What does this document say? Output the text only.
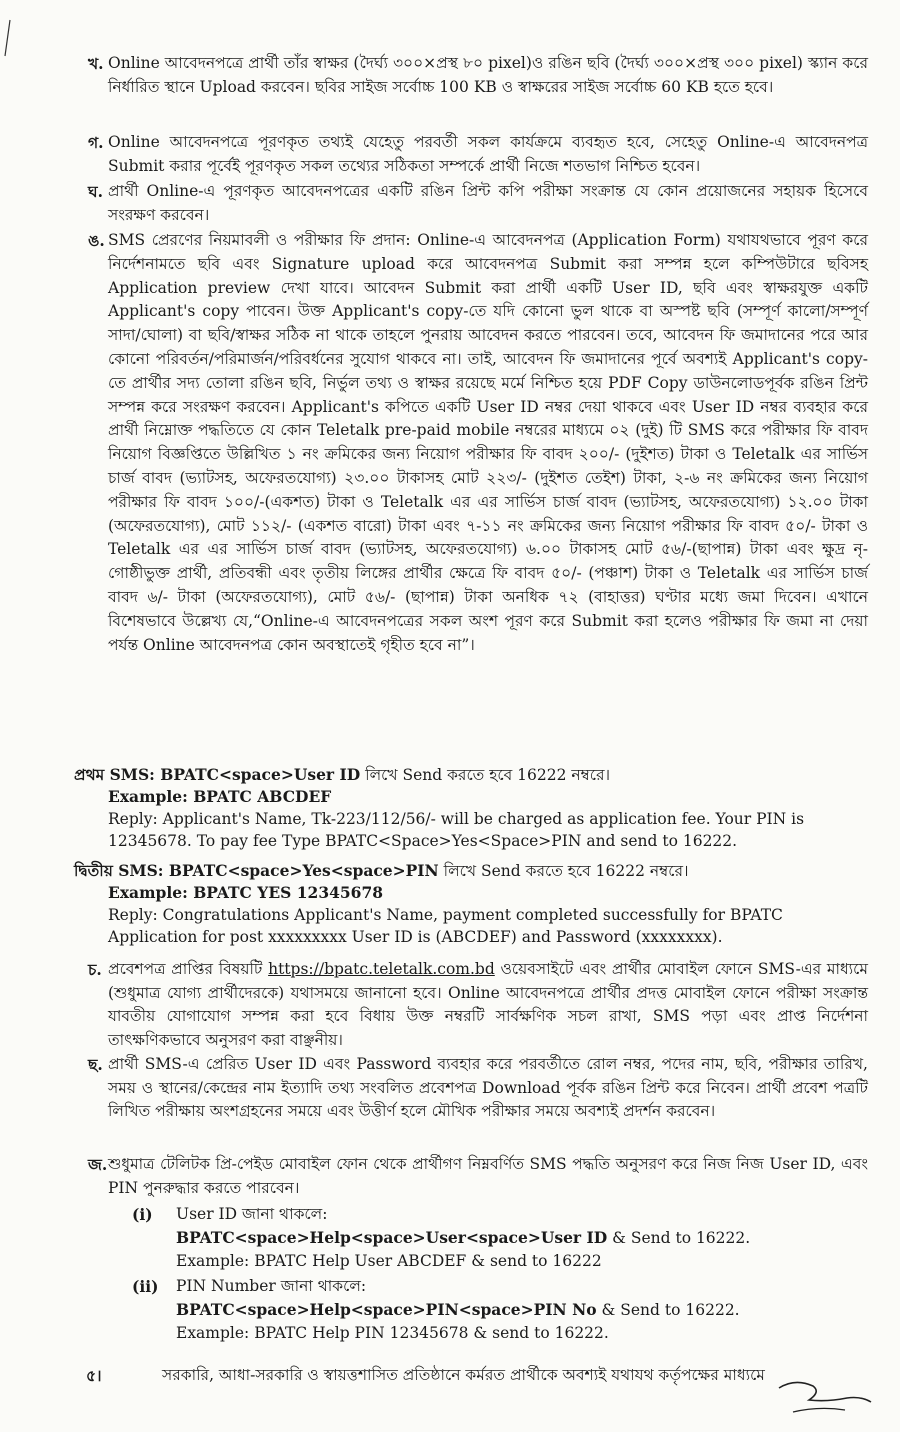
খ. Online আবেদনপত্রে প্রার্থী তাঁর স্বাক্ষর (দৈর্ঘ্য ৩০০×প্রস্থ ৮০ pixel)ও রঙিন ছবি (দৈর্ঘ্য ৩০০×প্রস্থ ৩০০ pixel) স্ক্যান করে নির্ধারিত স্থানে Upload করবেন। ছবির সাইজ সর্বোচ্চ 100 KB ও স্বাক্ষরের সাইজ সর্বোচ্চ 60 KB হতে হবে।
গ. Online আবেদনপত্রে পূরণকৃত তথ্যই যেহেতু পরবর্তী সকল কার্যক্রমে ব্যবহৃত হবে, সেহেতু Online-এ আবেদনপত্র Submit করার পূর্বেই পূরণকৃত সকল তথ্যের সঠিকতা সম্পর্কে প্রার্থী নিজে শতভাগ নিশ্চিত হবেন।
ঘ. প্রার্থী Online-এ পূরণকৃত আবেদনপত্রের একটি রঙিন প্রিন্ট কপি পরীক্ষা সংক্রান্ত যে কোন প্রয়োজনের সহায়ক হিসেবে সংরক্ষণ করবেন।
ঙ. SMS প্রেরণের নিয়মাবলী ও পরীক্ষার ফি প্রদান: Online-এ আবেদনপত্র (Application Form) যথাযথভাবে পূরণ করে নির্দেশনামতে ছবি এবং Signature upload করে আবেদনপত্র Submit করা সম্পন্ন হলে কম্পিউটারে ছবিসহ Application preview দেখা যাবে। আবেদন Submit করা প্রার্থী একটি User ID, ছবি এবং স্বাক্ষরযুক্ত একটি Applicant's copy পাবেন। উক্ত Applicant's copy-তে যদি কোনো ভুল থাকে বা অস্পষ্ট ছবি (সম্পূর্ণ কালো/সম্পূর্ণ সাদা/ঘোলা) বা ছবি/স্বাক্ষর সঠিক না থাকে তাহলে পুনরায় আবেদন করতে পারবেন। তবে, আবেদন ফি জমাদানের পরে আর কোনো পরিবর্তন/পরিমার্জন/পরিবর্ধনের সুযোগ থাকবে না। তাই, আবেদন ফি জমাদানের পূর্বে অবশ্যই Applicant's copy-তে প্রার্থীর সদ্য তোলা রঙিন ছবি, নির্ভুল তথ্য ও স্বাক্ষর রয়েছে মর্মে নিশ্চিত হয়ে PDF Copy ডাউনলোডপূর্বক রঙিন প্রিন্ট সম্পন্ন করে সংরক্ষণ করবেন। Applicant's কপিতে একটি User ID নম্বর দেয়া থাকবে এবং User ID নম্বর ব্যবহার করে প্রার্থী নিম্নোক্ত পদ্ধতিতে যে কোন Teletalk pre-paid mobile নম্বরের মাধ্যমে ০২ (দুই) টি SMS করে পরীক্ষার ফি বাবদ নিয়োগ বিজ্ঞপ্তিতে উল্লিখিত ১ নং ক্রমিকের জন্য নিয়োগ পরীক্ষার ফি বাবদ ২০০/- (দুইশত) টাকা ও Teletalk এর সার্ভিস চার্জ বাবদ (ভ্যাটসহ, অফেরতযোগ্য) ২৩.০০ টাকাসহ মোট ২২৩/- (দুইশত তেইশ) টাকা, ২-৬ নং ক্রমিকের জন্য নিয়োগ পরীক্ষার ফি বাবদ ১০০/-(একশত) টাকা ও Teletalk এর এর সার্ভিস চার্জ বাবদ (ভ্যাটসহ, অফেরতযোগ্য) ১২.০০ টাকা (অফেরতযোগ্য), মোট ১১২/- (একশত বারো) টাকা এবং ৭-১১ নং ক্রমিকের জন্য নিয়োগ পরীক্ষার ফি বাবদ ৫০/- টাকা ও Teletalk এর এর সার্ভিস চার্জ বাবদ (ভ্যাটসহ, অফেরতযোগ্য) ৬.০০ টাকাসহ মোট ৫৬/-(ছাপান্ন) টাকা এবং ক্ষুদ্র নৃ-গোষ্ঠীভুক্ত প্রার্থী, প্রতিবন্ধী এবং তৃতীয় লিঙ্গের প্রার্থীর ক্ষেত্রে ফি বাবদ ৫০/- (পঞ্চাশ) টাকা ও Teletalk এর সার্ভিস চার্জ বাবদ ৬/- টাকা (অফেরতযোগ্য), মোট ৫৬/- (ছাপান্ন) টাকা অনধিক ৭২ (বাহাত্তর) ঘণ্টার মধ্যে জমা দিবেন। এখানে বিশেষভাবে উল্লেখ্য যে,“Online-এ আবেদনপত্রের সকল অংশ পূরণ করে Submit করা হলেও পরীক্ষার ফি জমা না দেয়া পর্যন্ত Online আবেদনপত্র কোন অবস্থাতেই গৃহীত হবে না”।
প্রথম SMS: BPATC<space>User ID লিখে Send করতে হবে 16222 নম্বরে।
Example: BPATC ABCDEF
Reply: Applicant's Name, Tk-223/112/56/- will be charged as application fee. Your PIN is 12345678. To pay fee Type BPATC<Space>Yes<Space>PIN and send to 16222.
দ্বিতীয় SMS: BPATC<space>Yes<space>PIN লিখে Send করতে হবে 16222 নম্বরে।
Example: BPATC YES 12345678
Reply: Congratulations Applicant's Name, payment completed successfully for BPATC Application for post xxxxxxxxx User ID is (ABCDEF) and Password (xxxxxxxx).
চ. প্রবেশপত্র প্রাপ্তির বিষয়টি https://bpatc.teletalk.com.bd ওয়েবসাইটে এবং প্রার্থীর মোবাইল ফোনে SMS-এর মাধ্যমে (শুধুমাত্র যোগ্য প্রার্থীদেরকে) যথাসময়ে জানানো হবে। Online আবেদনপত্রে প্রার্থীর প্রদত্ত মোবাইল ফোনে পরীক্ষা সংক্রান্ত যাবতীয় যোগাযোগ সম্পন্ন করা হবে বিধায় উক্ত নম্বরটি সার্বক্ষণিক সচল রাখা, SMS পড়া এবং প্রাপ্ত নির্দেশনা তাৎক্ষণিকভাবে অনুসরণ করা বাঞ্ছনীয়।
ছ. প্রার্থী SMS-এ প্রেরিত User ID এবং Password ব্যবহার করে পরবর্তীতে রোল নম্বর, পদের নাম, ছবি, পরীক্ষার তারিখ, সময় ও স্থানের/কেন্দ্রের নাম ইত্যাদি তথ্য সংবলিত প্রবেশপত্র Download পূর্বক রঙিন প্রিন্ট করে নিবেন। প্রার্থী প্রবেশ পত্রটি লিখিত পরীক্ষায় অংশগ্রহনের সময়ে এবং উত্তীর্ণ হলে মৌখিক পরীক্ষার সময়ে অবশ্যই প্রদর্শন করবেন।
জ. শুধুমাত্র টেলিটক প্রি-পেইড মোবাইল ফোন থেকে প্রার্থীগণ নিম্নবর্ণিত SMS পদ্ধতি অনুসরণ করে নিজ নিজ User ID, এবং PIN পুনরুদ্ধার করতে পারবেন।
(i)	User ID জানা থাকলে:
BPATC<space>Help<space>User<space>User ID & Send to 16222.
Example: BPATC Help User ABCDEF & send to 16222
(ii)	PIN Number জানা থাকলে:
BPATC<space>Help<space>PIN<space>PIN No & Send to 16222.
Example: BPATC Help PIN 12345678 & send to 16222.
৫।	সরকারি, আধা-সরকারি ও স্বায়ত্তশাসিত প্রতিষ্ঠানে কর্মরত প্রার্থীকে অবশ্যই যথাযথ কর্তৃপক্ষের মাধ্যমে
